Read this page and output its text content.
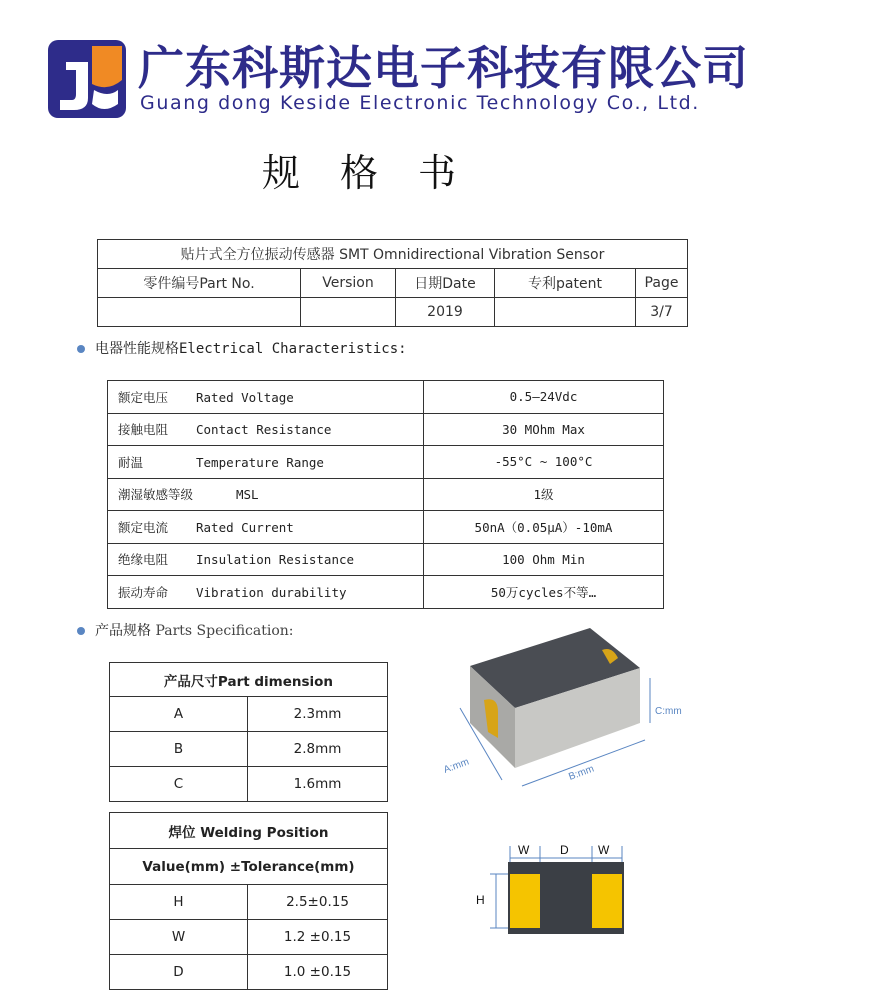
广东科斯达电子科技有限公司
Guang dong Keside Electronic Technology Co., Ltd.
规格书
贴片式全方位振动传感器 SMT Omnidirectional Vibration Sensor				
零件编号Part No.	Version	日期Date	专利patent	Page
		2019		3/7
电器性能规格Electrical Characteristics:
额定电压 Rated Voltage	0.5—24Vdc
接触电阻 Contact Resistance	30 MOhm Max
耐温 Temperature Range	-55°C ~ 100°C
潮湿敏感等级 MSL	1级
额定电流 Rated Current	50nA（0.05μA）-10mA
绝缘电阻 Insulation Resistance	100 Ohm Min
振动寿命 Vibration durability	50万cycles不等…
产品规格 Parts Specification:
产品尺寸Part dimension	
A	2.3mm
B	2.8mm
C	1.6mm
焊位 Welding Position	
Value(mm) ±Tolerance(mm)	
H	2.5±0.15
W	1.2 ±0.15
D	1.0 ±0.15
A:mm	B:mm
C:mm
W	D W
H
